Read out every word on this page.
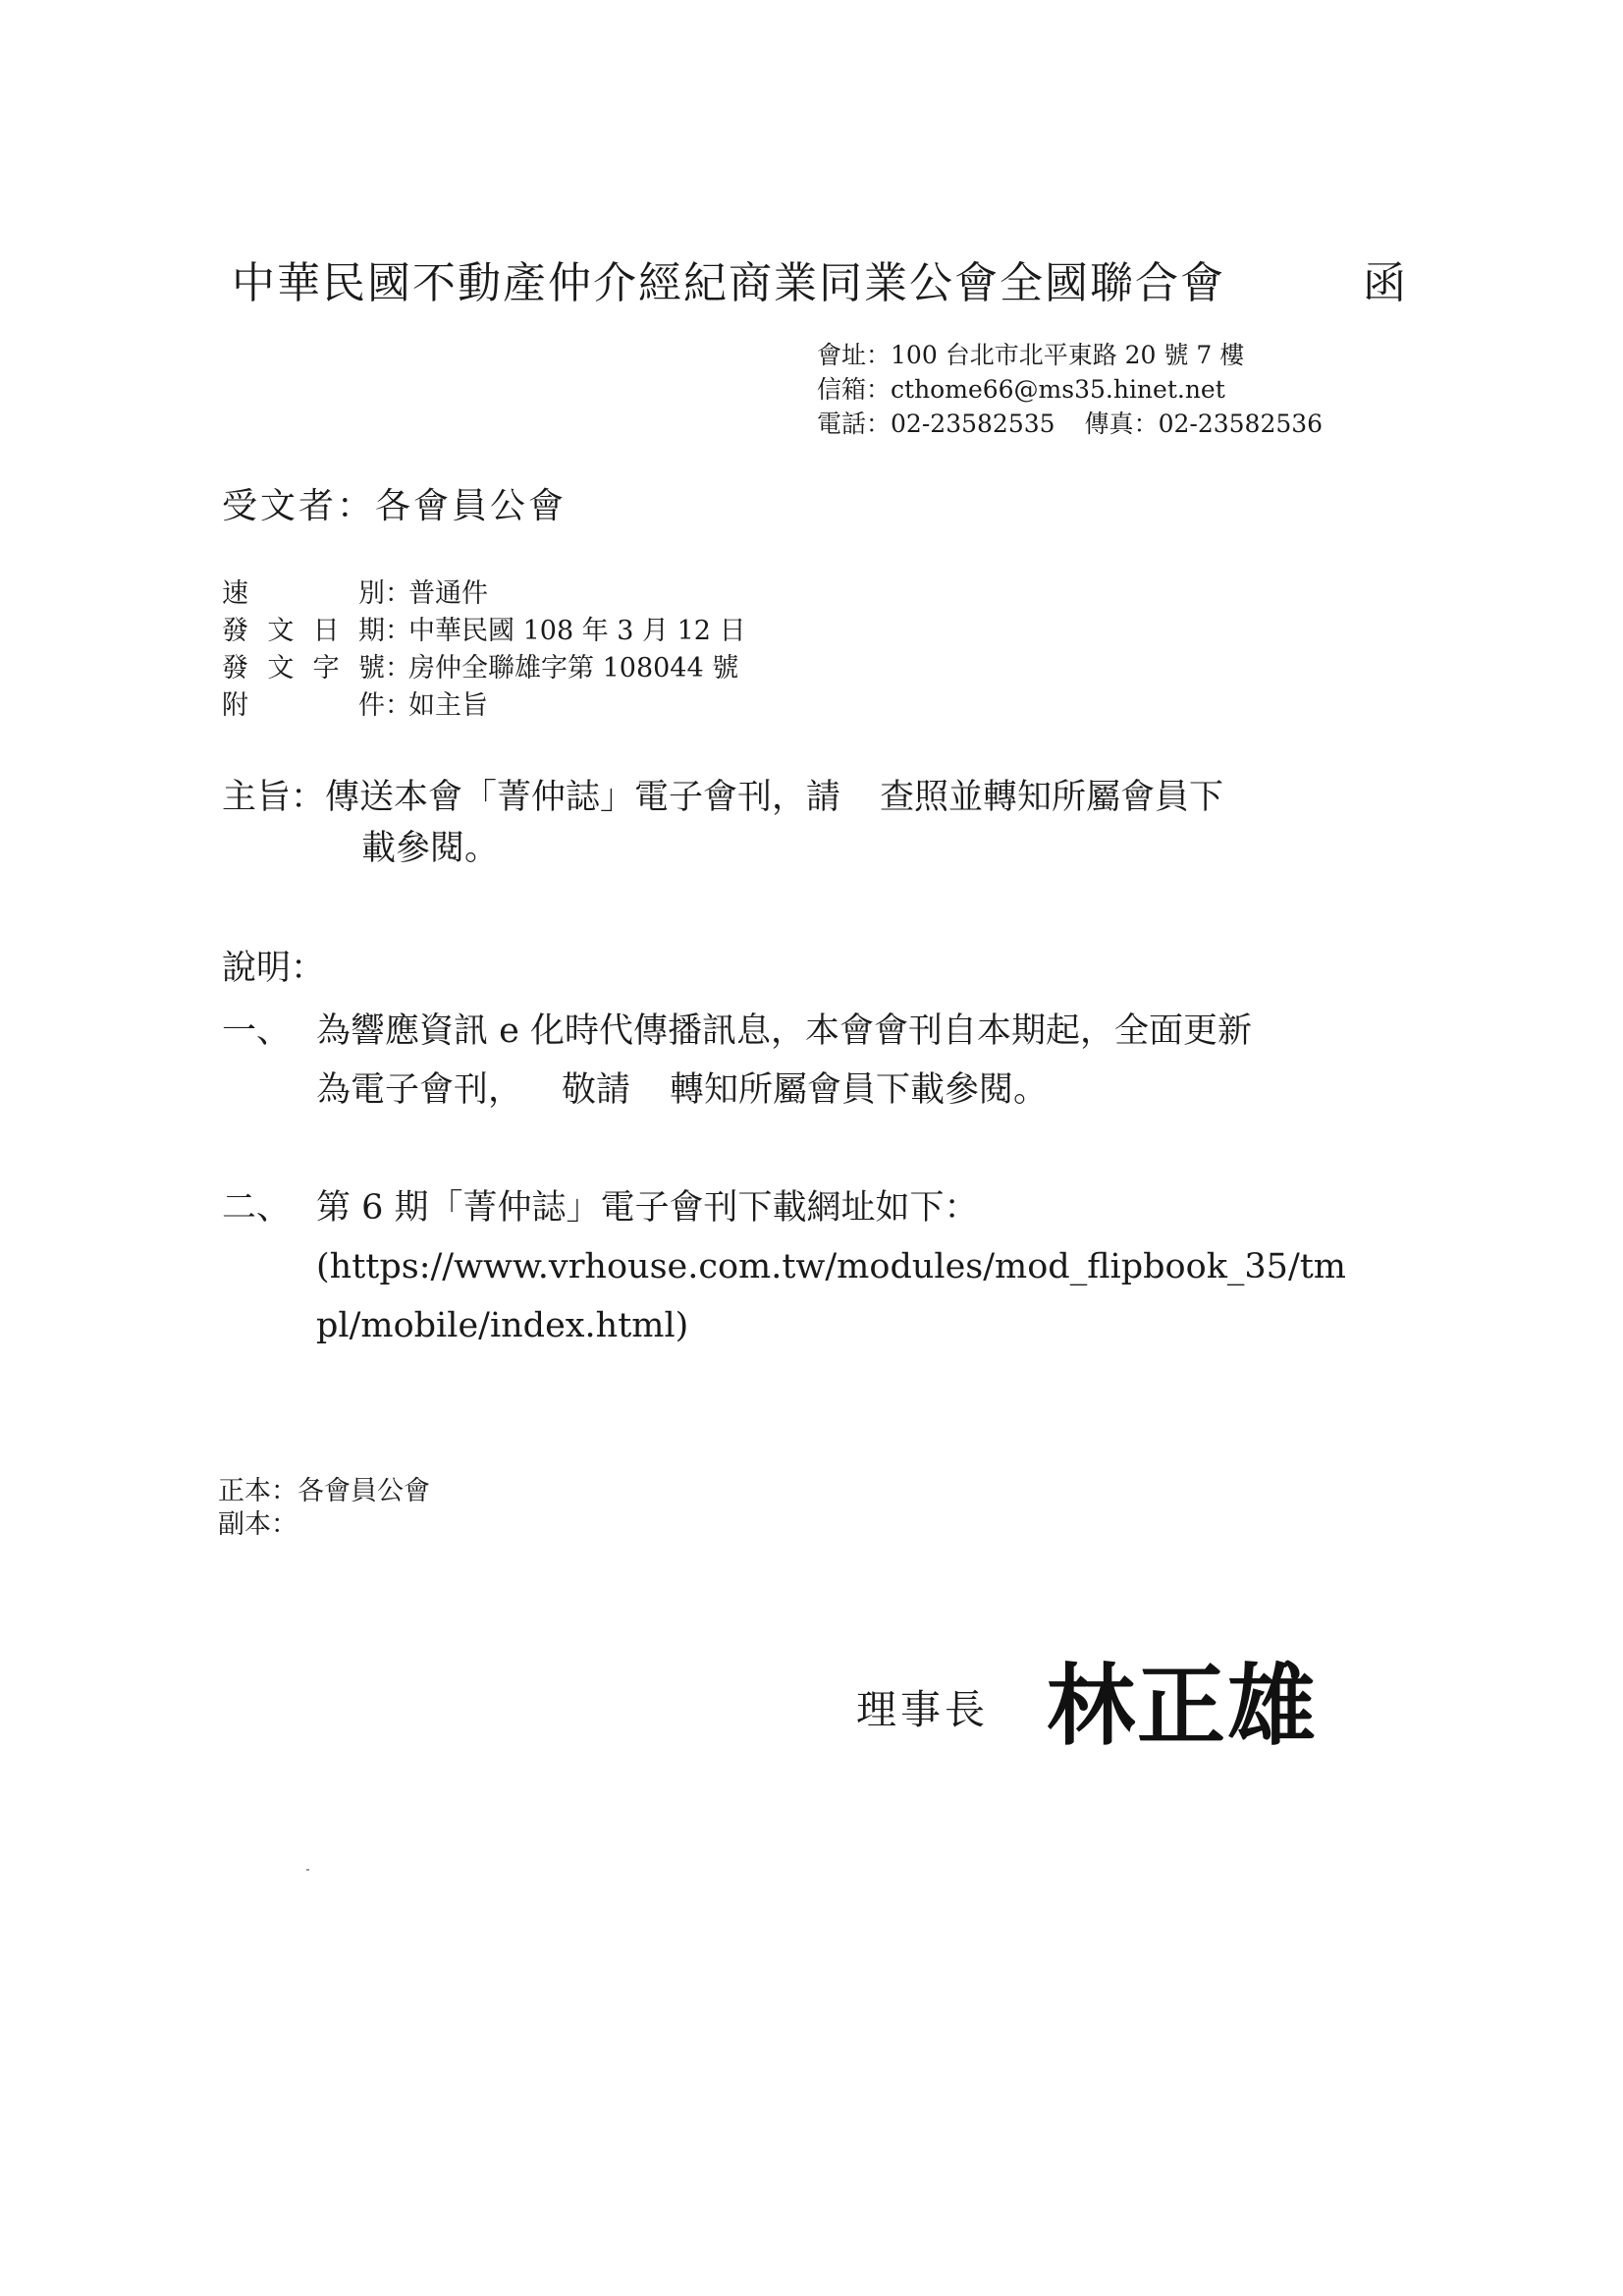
中華民國不動產仲介經紀商業同業公會全國聯合會	函
會址：100 台北市北平東路 20 號 7 樓
信箱：cthome66@ms35.hinet.net
電話：02-23582535 傳真：02-23582536
受文者：各會員公會
速別：普通件
發文日期：中華民國 108 年 3 月 12 日
發文字號：房仲全聯雄字第 108044 號
附件：如主旨
主旨：傳送本會「菁仲誌」電子會刊，請 查照並轉知所屬會員下
載參閱。
說明：
一、 為響應資訊 e 化時代傳播訊息，本會會刊自本期起，全面更新
為電子會刊， 敬請 轉知所屬會員下載參閱。
二、 第 6 期「菁仲誌」電子會刊下載網址如下：
(https://www.vrhouse.com.tw/modules/mod_flipbook_35/tm
pl/mobile/index.html)
正本：各會員公會
副本：
理事長 林正雄
